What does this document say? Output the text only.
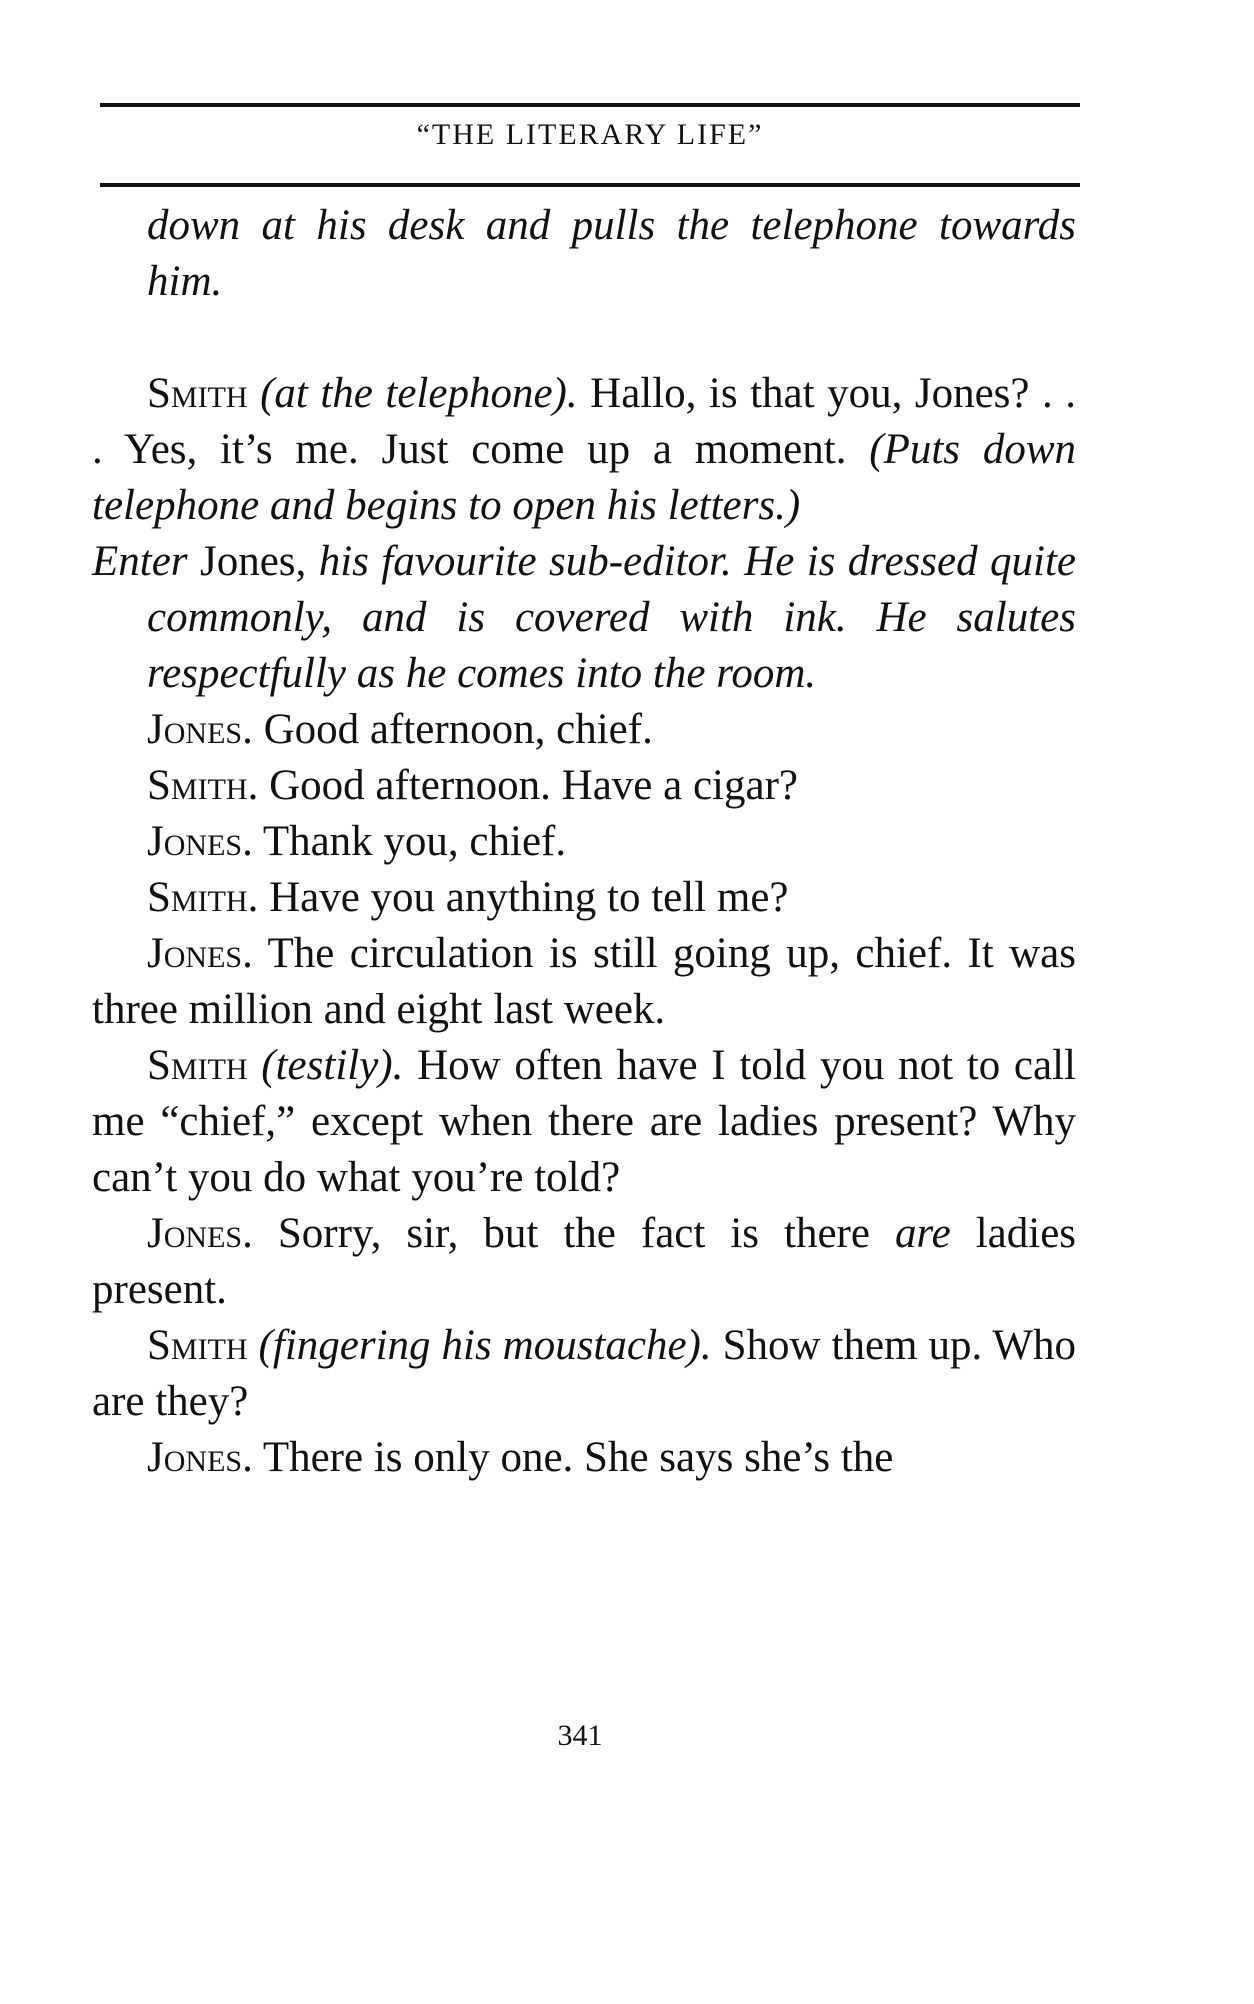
“THE LITERARY LIFE”

down at his desk and pulls the telephone towards him.

Smith (at the telephone). Hallo, is that you, Jones? . . . Yes, it’s me. Just come up a moment. (Puts down telephone and begins to open his letters.)

Enter Jones, his favourite sub-editor. He is dressed quite commonly, and is covered with ink. He salutes respectfully as he comes into the room.

Jones. Good afternoon, chief.

Smith. Good afternoon. Have a cigar?

Jones. Thank you, chief.

Smith. Have you anything to tell me?

Jones. The circulation is still going up, chief. It was three million and eight last week.

Smith (testily). How often have I told you not to call me “chief,” except when there are ladies present? Why can’t you do what you’re told?

Jones. Sorry, sir, but the fact is there are ladies present.

Smith (fingering his moustache). Show them up. Who are they?

Jones. There is only one. She says she’s the

341
